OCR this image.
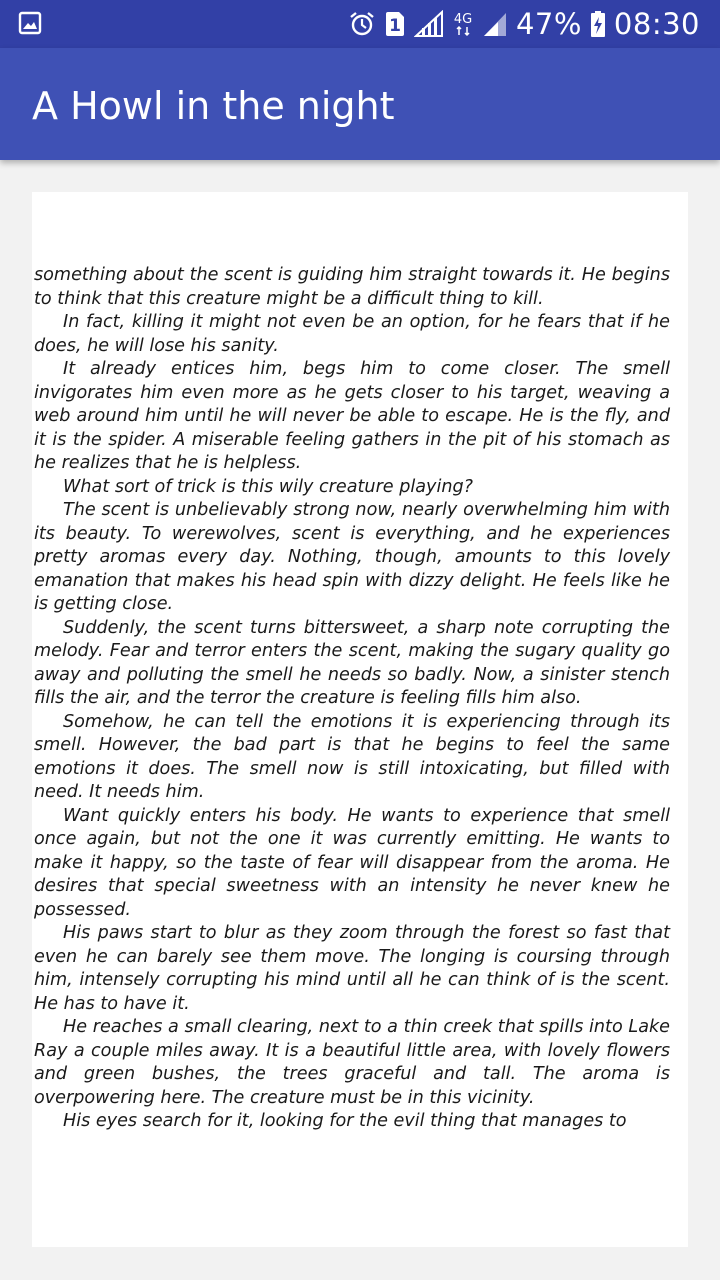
1	4G 47% 08:30
A Howl in the night

something about the scent is guiding him straight towards it. He begins to think that this creature might be a difficult thing to kill.

In fact, killing it might not even be an option, for he fears that if he does, he will lose his sanity.

It already entices him, begs him to come closer. The smell invigorates him even more as he gets closer to his target, weaving a web around him until he will never be able to escape. He is the fly, and it is the spider. A miserable feeling gathers in the pit of his stomach as he realizes that he is helpless.

What sort of trick is this wily creature playing?

The scent is unbelievably strong now, nearly overwhelming him with its beauty. To werewolves, scent is everything, and he experiences pretty aromas every day. Nothing, though, amounts to this lovely emanation that makes his head spin with dizzy delight. He feels like he is getting close.

Suddenly, the scent turns bittersweet, a sharp note corrupting the melody. Fear and terror enters the scent, making the sugary quality go away and polluting the smell he needs so badly. Now, a sinister stench fills the air, and the terror the creature is feeling fills him also.

Somehow, he can tell the emotions it is experiencing through its smell. However, the bad part is that he begins to feel the same emotions it does. The smell now is still intoxicating, but filled with need. It needs him.

Want quickly enters his body. He wants to experience that smell once again, but not the one it was currently emitting. He wants to make it happy, so the taste of fear will disappear from the aroma. He desires that special sweetness with an intensity he never knew he possessed.

His paws start to blur as they zoom through the forest so fast that even he can barely see them move. The longing is coursing through him, intensely corrupting his mind until all he can think of is the scent. He has to have it.

He reaches a small clearing, next to a thin creek that spills into Lake Ray a couple miles away. It is a beautiful little area, with lovely flowers and green bushes, the trees graceful and tall. The aroma is overpowering here. The creature must be in this vicinity.

His eyes search for it, looking for the evil thing that manages to
